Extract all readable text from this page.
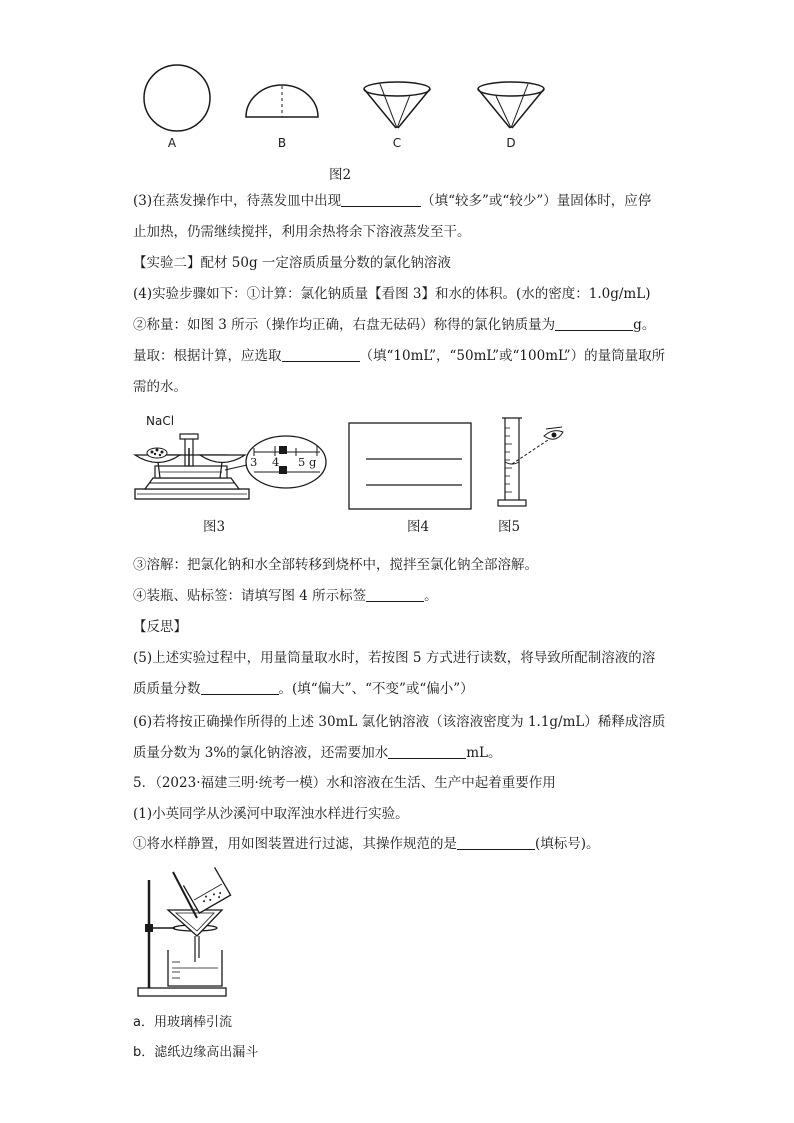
A	B	C	D
图2
(3)在蒸发操作中，待蒸发皿中出现	（填“较多”或“较少”）量固体时，应停
止加热，仍需继续搅拌，利用余热将余下溶液蒸发至干。
【实验二】配材 50g 一定溶质质量分数的氯化钠溶液
(4)实验步骤如下：①计算：氯化钠质量【看图 3】和水的体积。(水的密度：1.0g/mL)
②称量：如图 3 所示（操作均正确，右盘无砝码）称得的氯化钠质量为	g。
量取：根据计算，应选取	（填“10mL”，“50mL”或“100mL”）的量筒量取所
需的水。
NaCl
3 4 5 g
图3	图4	图5
③溶解：把氯化钠和水全部转移到烧杯中，搅拌至氯化钠全部溶解。
④装瓶、贴标签：请填写图 4 所示标签	。
【反思】
(5)上述实验过程中，用量筒量取水时，若按图 5 方式进行读数，将导致所配制溶液的溶
质质量分数	。(填“偏大”、“不变”或“偏小”）
(6)若将按正确操作所得的上述 30mL 氯化钠溶液（该溶液密度为 1.1g/mL）稀释成溶质
质量分数为 3%的氯化钠溶液，还需要加水	mL。
5．（2023·福建三明·统考一模）水和溶液在生活、生产中起着重要作用
(1)小英同学从沙溪河中取浑浊水样进行实验。
①将水样静置，用如图装置进行过滤，其操作规范的是	(填标号)。
a．用玻璃棒引流
b．滤纸边缘高出漏斗
